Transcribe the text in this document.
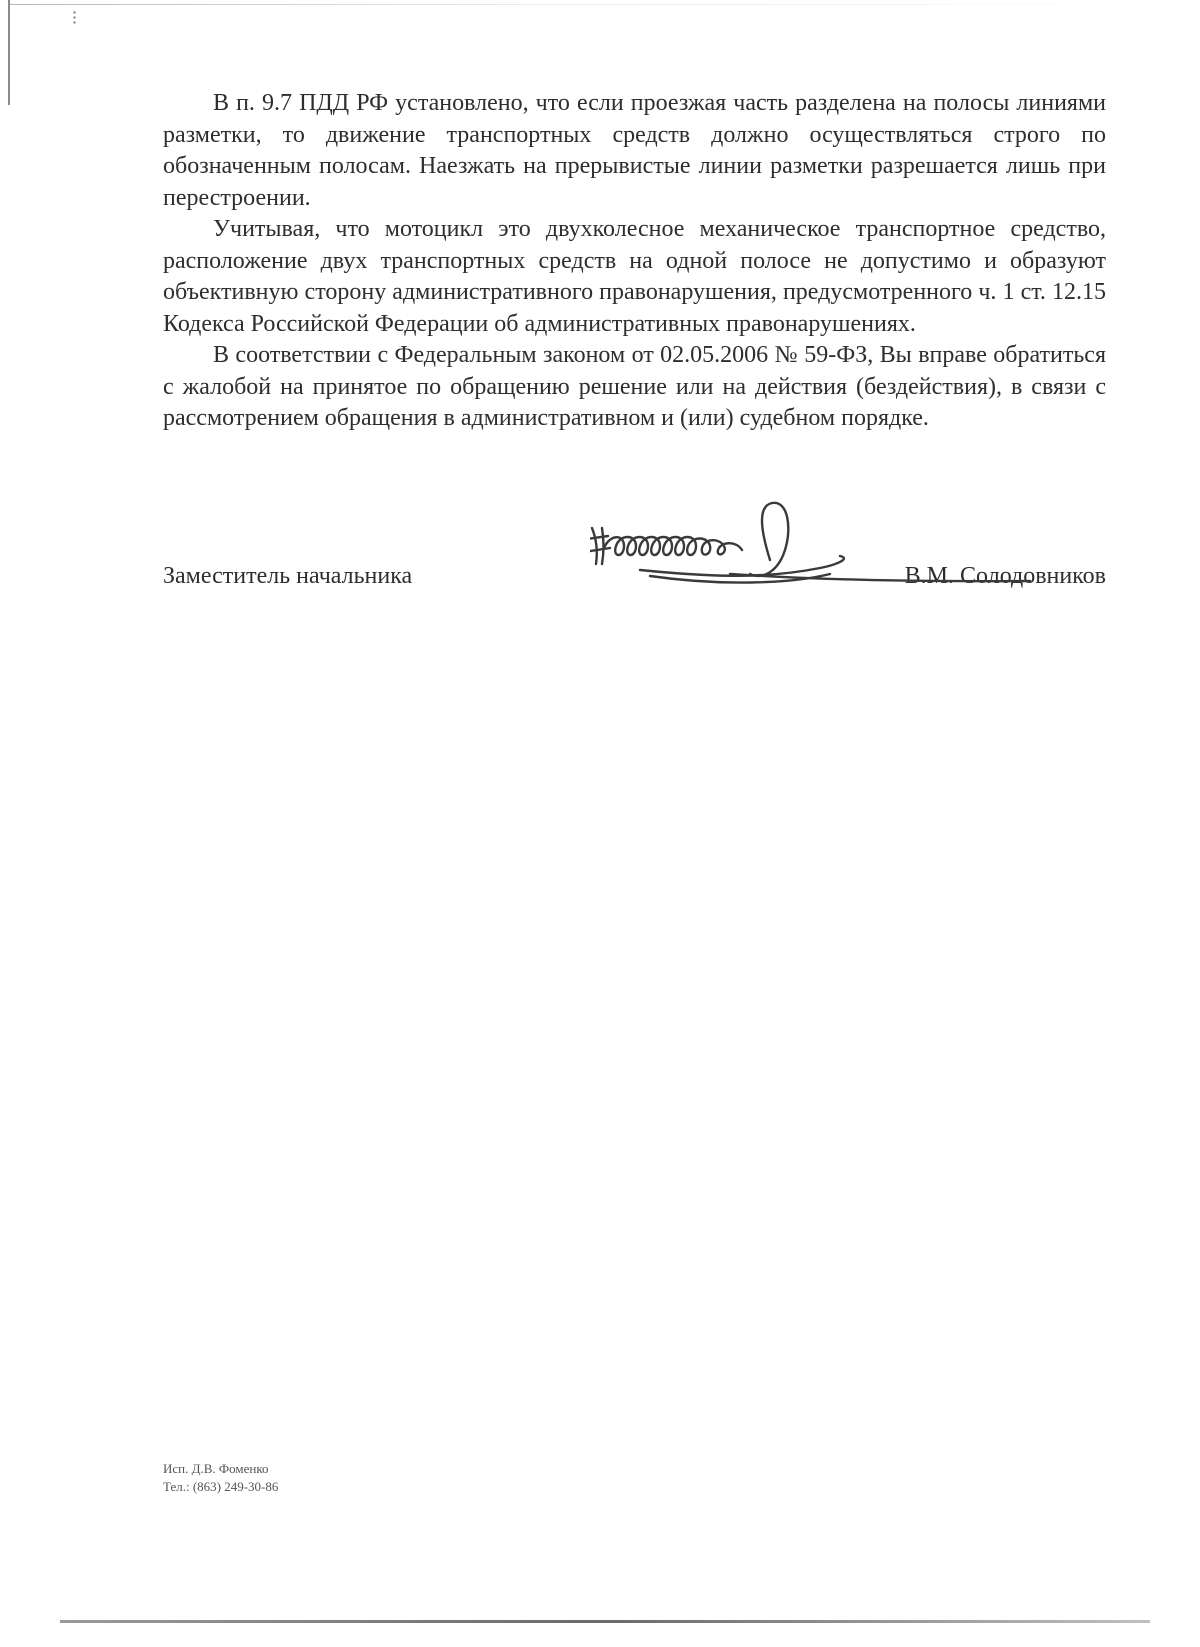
В п. 9.7 ПДД РФ установлено, что если проезжая часть разделена на полосы линиями разметки, то движение транспортных средств должно осуществляться строго по обозначенным полосам. Наезжать на прерывистые линии разметки разрешается лишь при перестроении.

Учитывая, что мотоцикл это двухколесное механическое транспортное средство, расположение двух транспортных средств на одной полосе не допустимо и образуют объективную сторону административного правонарушения, предусмотренного ч. 1 ст. 12.15 Кодекса Российской Федерации об административных правонарушениях.

В соответствии с Федеральным законом от 02.05.2006 № 59-ФЗ, Вы вправе обратиться с жалобой на принятое по обращению решение или на действия (бездействия), в связи с рассмотрением обращения в административном и (или) судебном порядке.

Заместитель начальника	В.М. Солодовников
Исп. Д.В. Фоменко
Тел.: (863) 249-30-86
